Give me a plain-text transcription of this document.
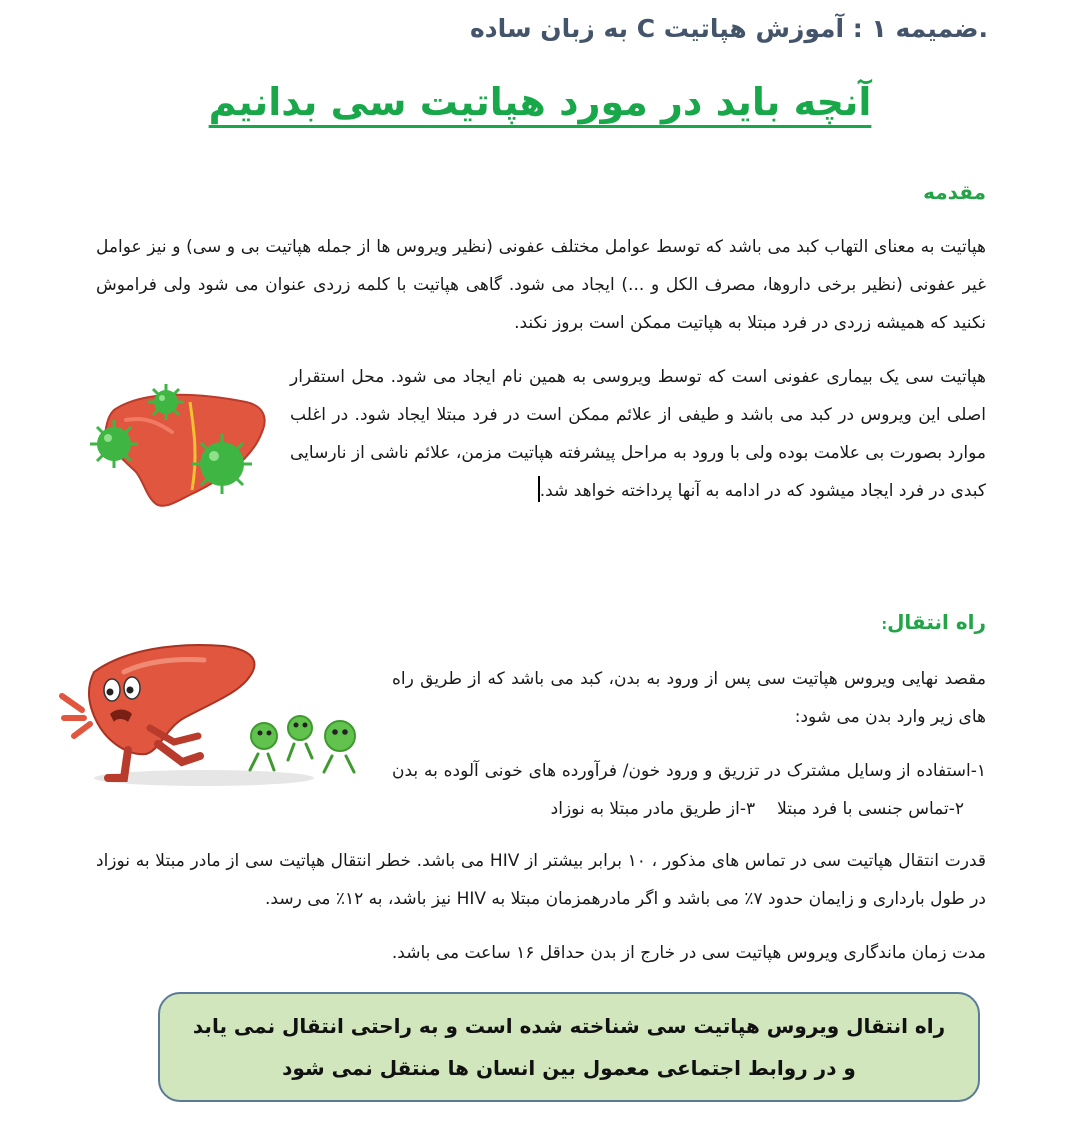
.ضمیمه ۱ : آموزش هپاتیت C به زبان ساده
آنچه باید در مورد هپاتیت سی بدانیم
مقدمه
هپاتیت به معنای التهاب کبد می باشد که توسط عوامل مختلف عفونی (نظیر ویروس ها از جمله هپاتیت بی و سی) و نیز عوامل غیر عفونی (نظیر برخی داروها، مصرف الکل و ...) ایجاد می شود. گاهی هپاتیت با کلمه زردی عنوان می شود ولی فراموش نکنید که همیشه زردی در فرد مبتلا به هپاتیت ممکن است بروز نکند.
هپاتیت سی یک بیماری عفونی است که توسط ویروسی به همین نام ایجاد می شود. محل استقرار اصلی این ویروس در کبد می باشد و طیفی از علائم ممکن است در فرد مبتلا ایجاد شود. در اغلب موارد بصورت بی علامت بوده ولی با ورود به مراحل پیشرفته هپاتیت مزمن، علائم ناشی از نارسایی کبدی در فرد ایجاد میشود که در ادامه به آنها پرداخته خواهد شد.
راه انتقال:
مقصد نهایی ویروس هپاتیت سی پس از ورود به بدن، کبد می باشد که از طریق راه های زیر وارد بدن می شود:
۱-استفاده از وسایل مشترک در تزریق و ورود خون/ فرآورده های خونی آلوده به بدن۲-تماس جنسی با فرد مبتلا۳-از طریق مادر مبتلا به نوزاد
قدرت انتقال هپاتیت سی در تماس های مذکور ، ۱۰ برابر بیشتر از HIV می باشد. خطر انتقال هپاتیت سی از مادر مبتلا به نوزاد در طول بارداری و زایمان حدود ۷٪ می باشد و اگر مادرهمزمان مبتلا به HIV نیز باشد، به ۱۲٪ می رسد.
مدت زمان ماندگاری ویروس هپاتیت سی در خارج از بدن حداقل ۱۶ ساعت می باشد.
راه انتقال ویروس هپاتیت سی شناخته شده است و به راحتی انتقال نمی یابد و در روابط اجتماعی معمول بین انسان ها منتقل نمی شود
